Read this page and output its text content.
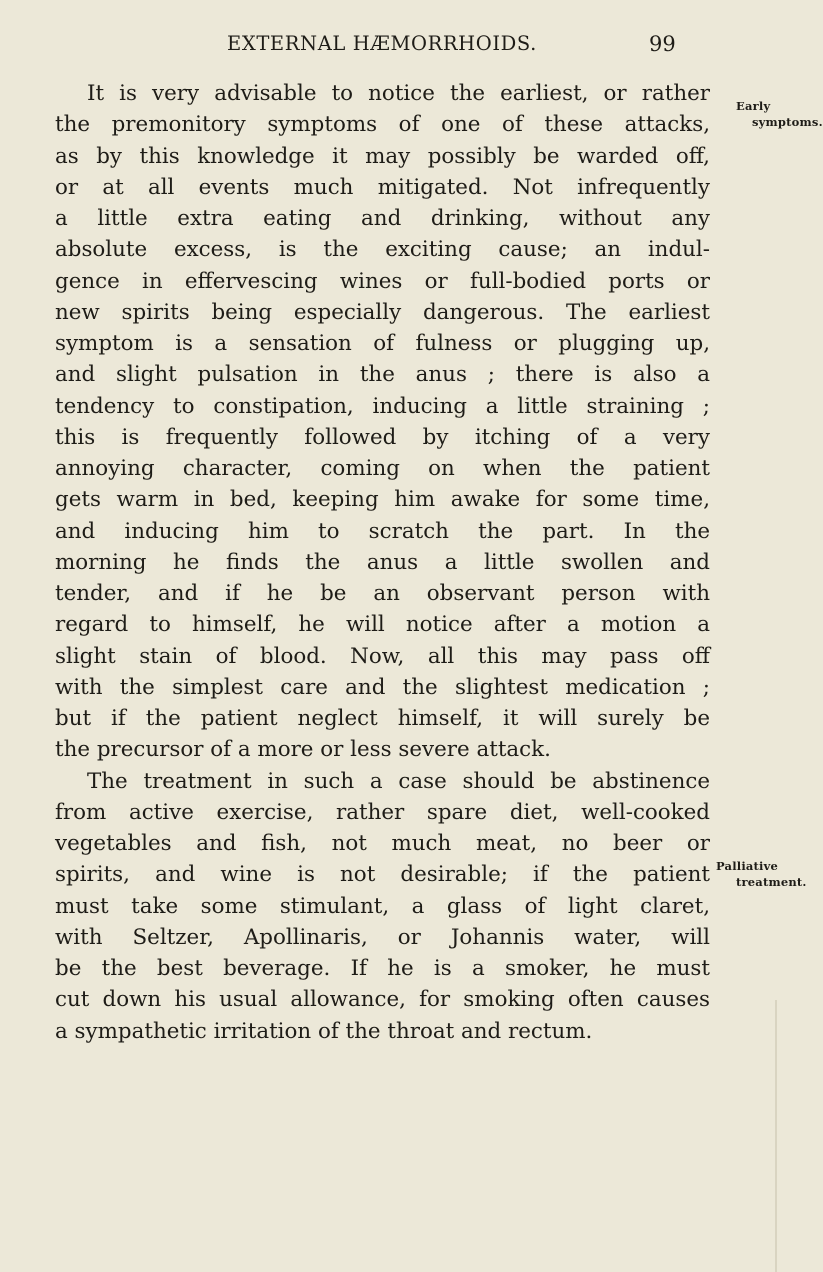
EXTERNAL HÆMORRHOIDS.	99
Early
symptoms.
Palliative
treatment.
It is very advisable to notice the earliest, or rather
the premonitory symptoms of one of these attacks,
as by this knowledge it may possibly be warded off,
or at all events much mitigated. Not infrequently
a little extra eating and drinking, without any
absolute excess, is the exciting cause; an indul-
gence in effervescing wines or full-bodied ports or
new spirits being especially dangerous. The earliest
symptom is a sensation of fulness or plugging up,
and slight pulsation in the anus ; there is also a
tendency to constipation, inducing a little straining ;
this is frequently followed by itching of a very
annoying character, coming on when the patient
gets warm in bed, keeping him awake for some time,
and inducing him to scratch the part. In the
morning he finds the anus a little swollen and
tender, and if he be an observant person with
regard to himself, he will notice after a motion a
slight stain of blood. Now, all this may pass off
with the simplest care and the slightest medication ;
but if the patient neglect himself, it will surely be
the precursor of a more or less severe attack.
The treatment in such a case should be abstinence
from active exercise, rather spare diet, well-cooked
vegetables and fish, not much meat, no beer or
spirits, and wine is not desirable; if the patient
must take some stimulant, a glass of light claret,
with Seltzer, Apollinaris, or Johannis water, will
be the best beverage. If he is a smoker, he must
cut down his usual allowance, for smoking often causes
a sympathetic irritation of the throat and rectum.
